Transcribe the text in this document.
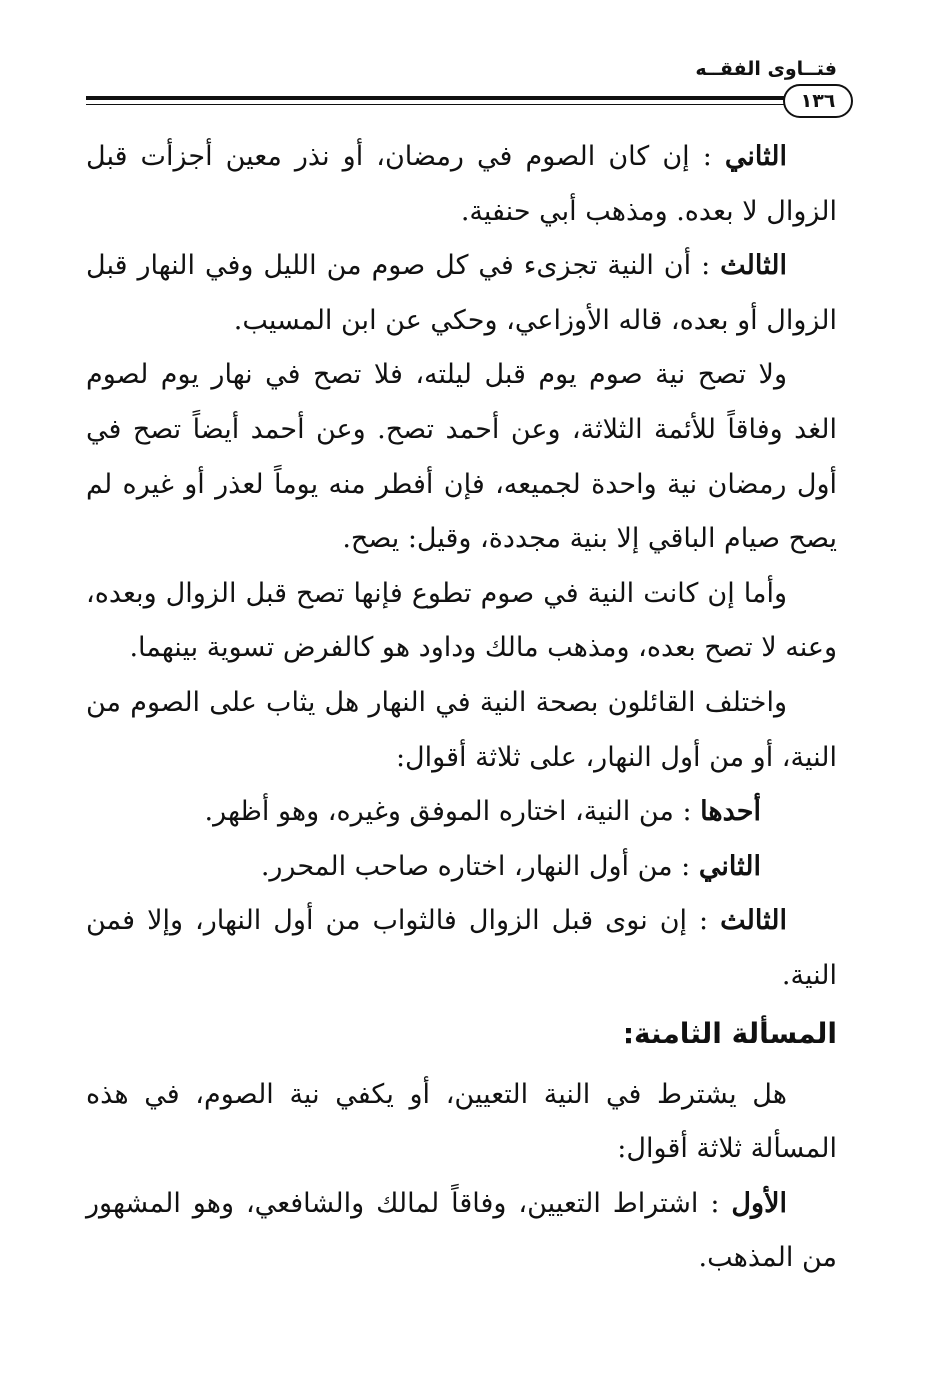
فتــاوى الفقــه
١٣٦

الثاني : إن كان الصوم في رمضان، أو نذر معين أجزأت قبل الزوال لا بعده. ومذهب أبي حنفية.

الثالث : أن النية تجزىء في كل صوم من الليل وفي النهار قبل الزوال أو بعده، قاله الأوزاعي، وحكي عن ابن المسيب.

ولا تصح نية صوم يوم قبل ليلته، فلا تصح في نهار يوم لصوم الغد وفاقاً للأئمة الثلاثة، وعن أحمد تصح. وعن أحمد أيضاً تصح في أول رمضان نية واحدة لجميعه، فإن أفطر منه يوماً لعذر أو غيره لم يصح صيام الباقي إلا بنية مجددة، وقيل: يصح.

وأما إن كانت النية في صوم تطوع فإنها تصح قبل الزوال وبعده، وعنه لا تصح بعده، ومذهب مالك وداود هو كالفرض تسوية بينهما.

واختلف القائلون بصحة النية في النهار هل يثاب على الصوم من النية، أو من أول النهار، على ثلاثة أقوال:

أحدها : من النية، اختاره الموفق وغيره، وهو أظهر.

الثاني : من أول النهار، اختاره صاحب المحرر.

الثالث : إن نوى قبل الزوال فالثواب من أول النهار، وإلا فمن النية.

المسألة الثامنة:

هل يشترط في النية التعيين، أو يكفي نية الصوم، في هذه المسألة ثلاثة أقوال:

الأول : اشتراط التعيين، وفاقاً لمالك والشافعي، وهو المشهور من المذهب.
